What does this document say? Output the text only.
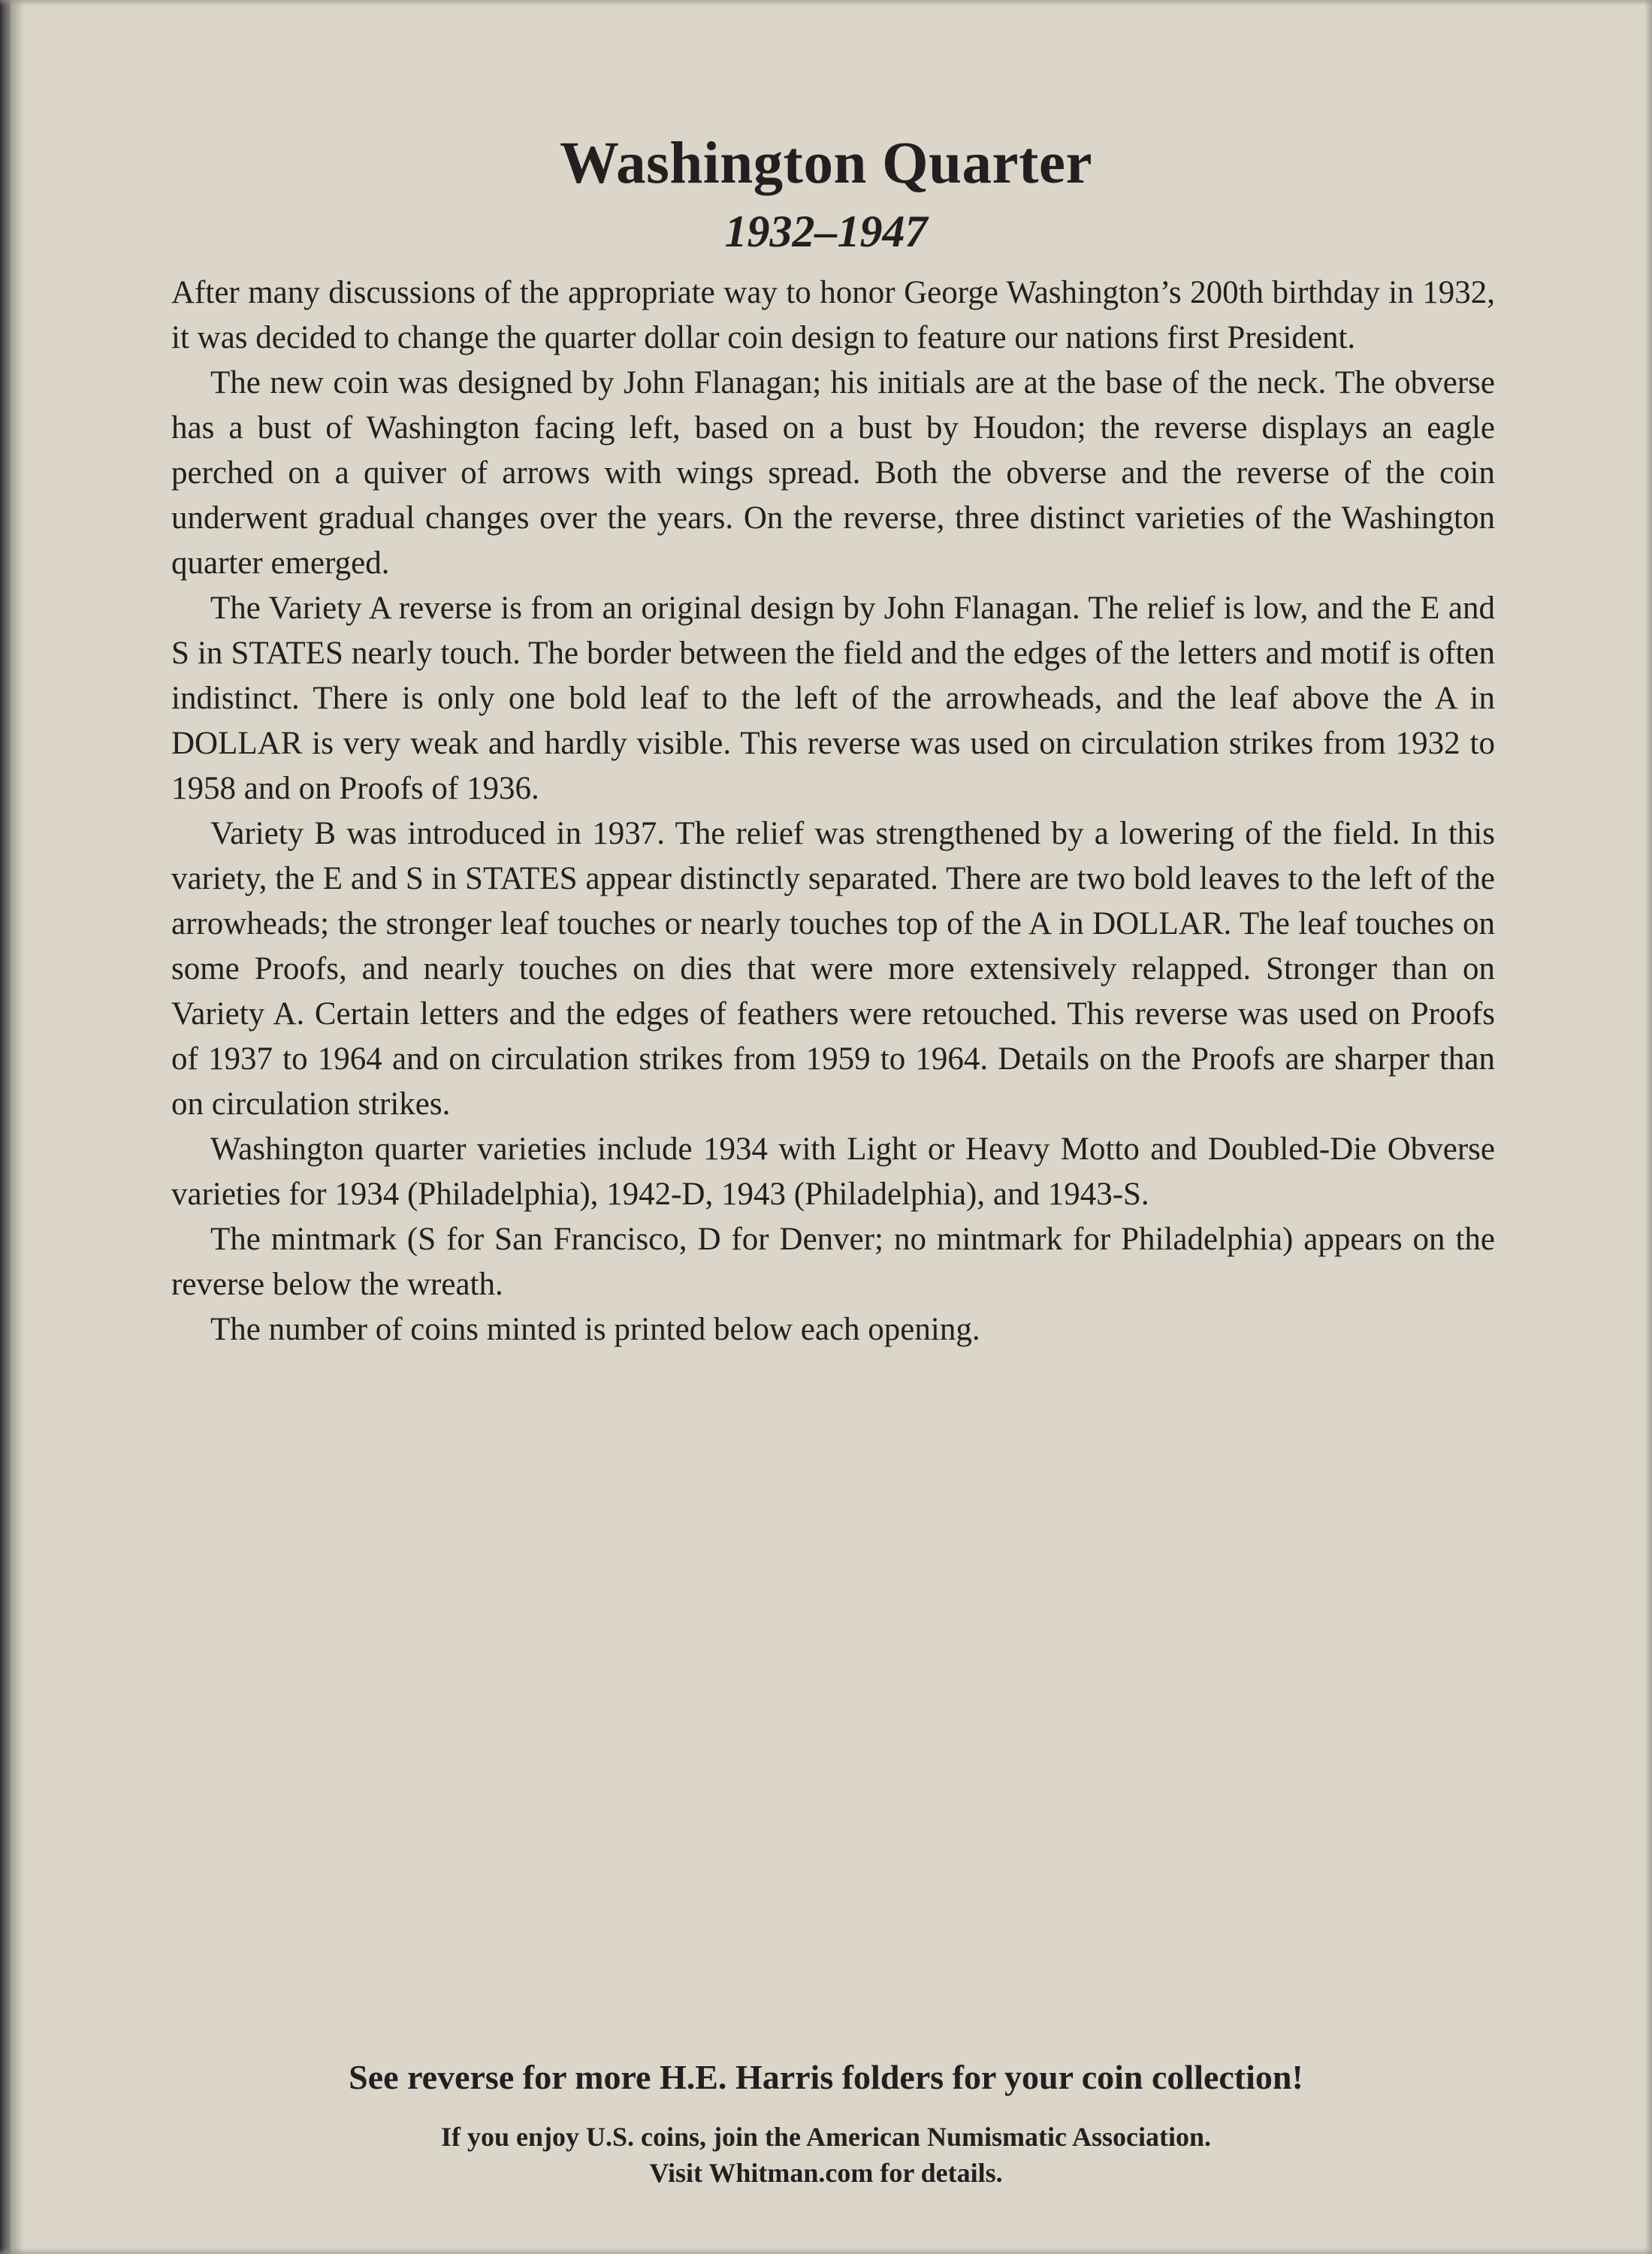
Washington Quarter
1932–1947

After many discussions of the appropriate way to honor George Washington’s 200th birthday in 1932, it was decided to change the quarter dollar coin design to feature our nations first President.

The new coin was designed by John Flanagan; his initials are at the base of the neck. The obverse has a bust of Washington facing left, based on a bust by Houdon; the reverse displays an eagle perched on a quiver of arrows with wings spread. Both the obverse and the reverse of the coin underwent gradual changes over the years. On the reverse, three distinct varieties of the Washington quarter emerged.

The Variety A reverse is from an original design by John Flanagan. The relief is low, and the E and S in STATES nearly touch. The border between the field and the edges of the letters and motif is often indistinct. There is only one bold leaf to the left of the arrowheads, and the leaf above the A in DOLLAR is very weak and hardly visible. This reverse was used on circulation strikes from 1932 to 1958 and on Proofs of 1936.

Variety B was introduced in 1937. The relief was strengthened by a lowering of the field. In this variety, the E and S in STATES appear distinctly separated. There are two bold leaves to the left of the arrowheads; the stronger leaf touches or nearly touches top of the A in DOLLAR. The leaf touches on some Proofs, and nearly touches on dies that were more extensively relapped. Stronger than on Variety A. Certain letters and the edges of feathers were retouched. This reverse was used on Proofs of 1937 to 1964 and on circulation strikes from 1959 to 1964. Details on the Proofs are sharper than on circulation strikes.

Washington quarter varieties include 1934 with Light or Heavy Motto and Doubled-Die Obverse varieties for 1934 (Philadelphia), 1942-D, 1943 (Philadelphia), and 1943-S.

The mintmark (S for San Francisco, D for Denver; no mintmark for Philadelphia) appears on the reverse below the wreath.

The number of coins minted is printed below each opening.

See reverse for more H.E. Harris folders for your coin collection!
If you enjoy U.S. coins, join the American Numismatic Association.
Visit Whitman.com for details.
